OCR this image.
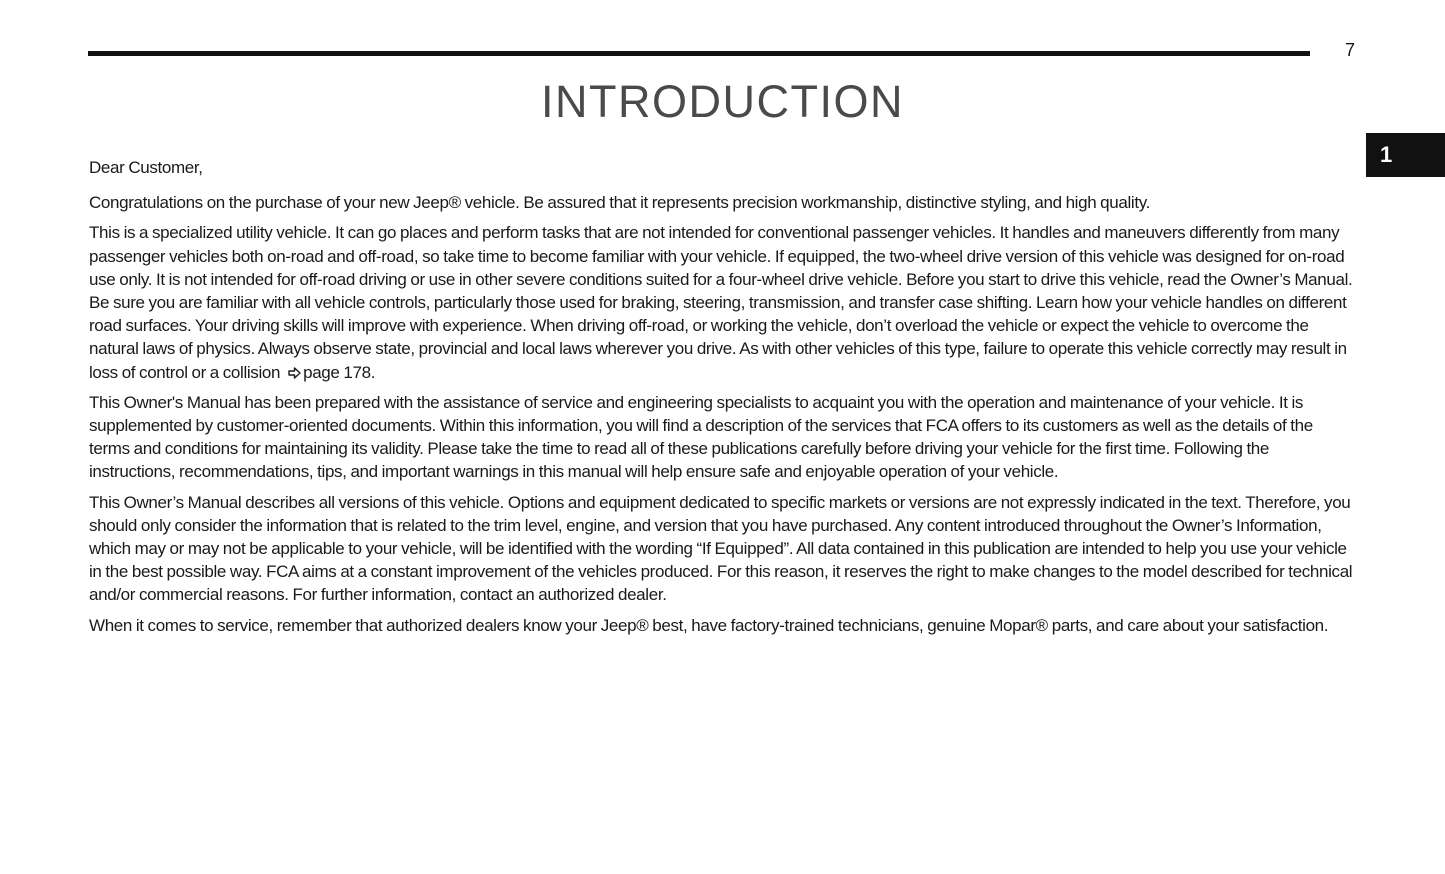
7
INTRODUCTION
1

Dear Customer,

Congratulations on the purchase of your new Jeep® vehicle. Be assured that it represents precision workmanship, distinctive styling, and high quality.

This is a specialized utility vehicle. It can go places and perform tasks that are not intended for conventional passenger vehicles. It handles and maneuvers differently from many passenger vehicles both on-road and off-road, so take time to become familiar with your vehicle. If equipped, the two-wheel drive version of this vehicle was designed for on-road use only. It is not intended for off-road driving or use in other severe conditions suited for a four-wheel drive vehicle. Before you start to drive this vehicle, read the Owner’s Manual. Be sure you are familiar with all vehicle controls, particularly those used for braking, steering, transmission, and transfer case shifting. Learn how your vehicle handles on different road surfaces. Your driving skills will improve with experience. When driving off-road, or working the vehicle, don’t overload the vehicle or expect the vehicle to overcome the natural laws of physics. Always observe state, provincial and local laws wherever you drive. As with other vehicles of this type, failure to operate this vehicle correctly may result in loss of control or a collision page 178.

This Owner's Manual has been prepared with the assistance of service and engineering specialists to acquaint you with the operation and maintenance of your vehicle. It is supplemented by customer-oriented documents. Within this information, you will find a description of the services that FCA offers to its customers as well as the details of the terms and conditions for maintaining its validity. Please take the time to read all of these publications carefully before driving your vehicle for the first time. Following the instructions, recommendations, tips, and important warnings in this manual will help ensure safe and enjoyable operation of your vehicle.

This Owner’s Manual describes all versions of this vehicle. Options and equipment dedicated to specific markets or versions are not expressly indicated in the text. Therefore, you should only consider the information that is related to the trim level, engine, and version that you have purchased. Any content introduced throughout the Owner’s Information, which may or may not be applicable to your vehicle, will be identified with the wording “If Equipped”. All data contained in this publication are intended to help you use your vehicle in the best possible way. FCA aims at a constant improvement of the vehicles produced. For this reason, it reserves the right to make changes to the model described for technical and/or commercial reasons. For further information, contact an authorized dealer.

When it comes to service, remember that authorized dealers know your Jeep® best, have factory-trained technicians, genuine Mopar® parts, and care about your satisfaction.
